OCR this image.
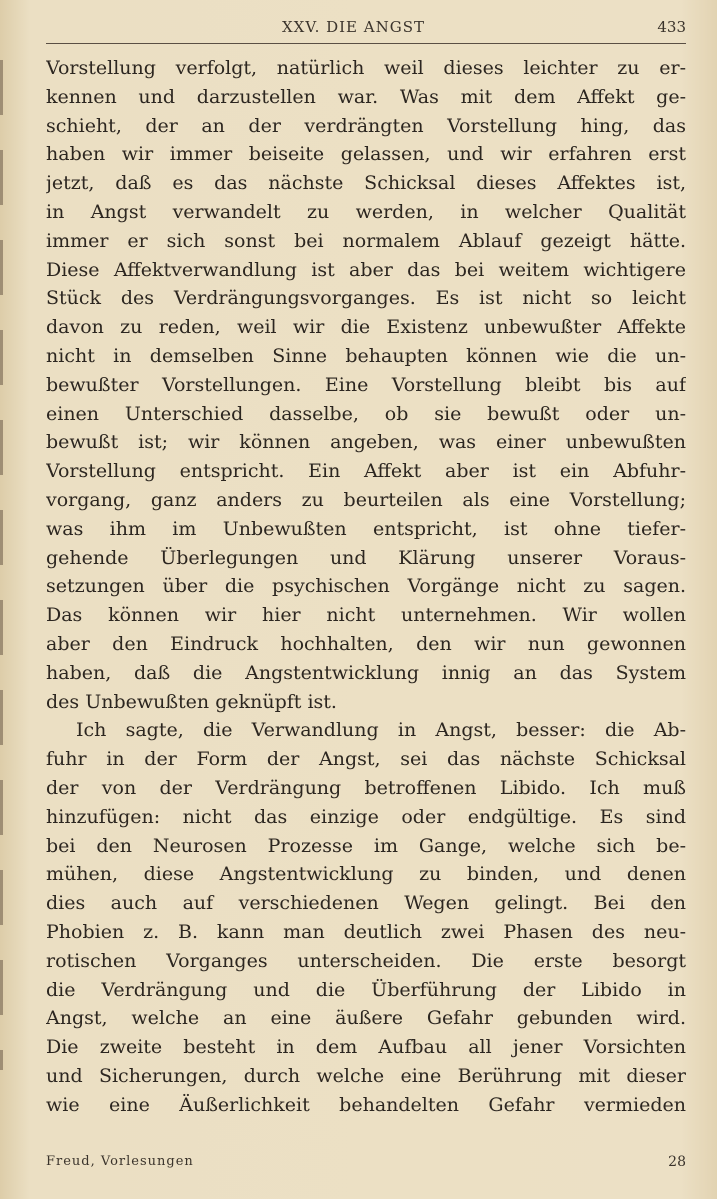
XXV. DIE ANGST	433
Vorstellung verfolgt, natürlich weil dieses leichter zu er-
kennen und darzustellen war. Was mit dem Affekt ge-
schieht, der an der verdrängten Vorstellung hing, das
haben wir immer beiseite gelassen, und wir erfahren erst
jetzt, daß es das nächste Schicksal dieses Affektes ist,
in Angst verwandelt zu werden, in welcher Qualität
immer er sich sonst bei normalem Ablauf gezeigt hätte.
Diese Affektverwandlung ist aber das bei weitem wichtigere
Stück des Verdrängungsvorganges. Es ist nicht so leicht
davon zu reden, weil wir die Existenz unbewußter Affekte
nicht in demselben Sinne behaupten können wie die un-
bewußter Vorstellungen. Eine Vorstellung bleibt bis auf
einen Unterschied dasselbe, ob sie bewußt oder un-
bewußt ist; wir können angeben, was einer unbewußten
Vorstellung entspricht. Ein Affekt aber ist ein Abfuhr-
vorgang, ganz anders zu beurteilen als eine Vorstellung;
was ihm im Unbewußten entspricht, ist ohne tiefer-
gehende Überlegungen und Klärung unserer Voraus-
setzungen über die psychischen Vorgänge nicht zu sagen.
Das können wir hier nicht unternehmen. Wir wollen
aber den Eindruck hochhalten, den wir nun gewonnen
haben, daß die Angstentwicklung innig an das System
des Unbewußten geknüpft ist.
Ich sagte, die Verwandlung in Angst, besser: die Ab-
fuhr in der Form der Angst, sei das nächste Schicksal
der von der Verdrängung betroffenen Libido. Ich muß
hinzufügen: nicht das einzige oder endgültige. Es sind
bei den Neurosen Prozesse im Gange, welche sich be-
mühen, diese Angstentwicklung zu binden, und denen
dies auch auf verschiedenen Wegen gelingt. Bei den
Phobien z. B. kann man deutlich zwei Phasen des neu-
rotischen Vorganges unterscheiden. Die erste besorgt
die Verdrängung und die Überführung der Libido in
Angst, welche an eine äußere Gefahr gebunden wird.
Die zweite besteht in dem Aufbau all jener Vorsichten
und Sicherungen, durch welche eine Berührung mit dieser
wie eine Äußerlichkeit behandelten Gefahr vermieden
Freud, Vorlesungen	28
